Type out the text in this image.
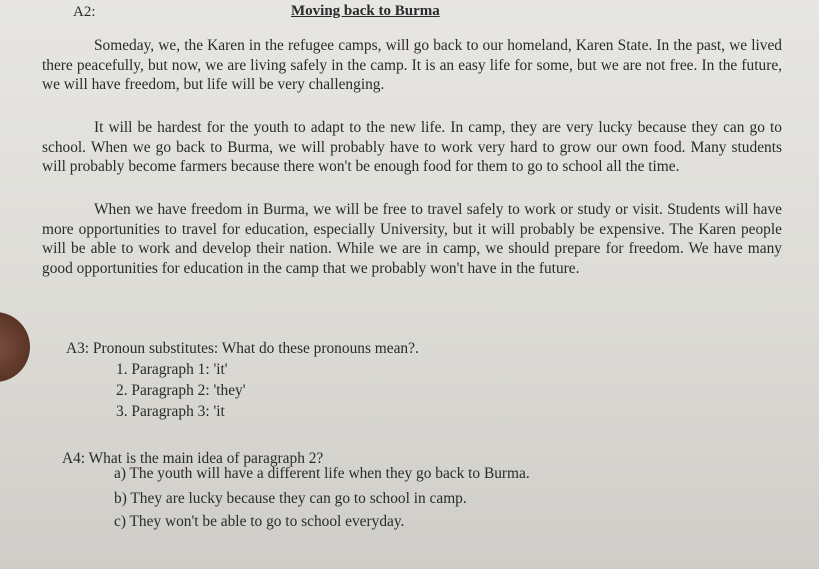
A2:	Moving back to Burma

Someday, we, the Karen in the refugee camps, will go back to our homeland, Karen State. In the past, we lived there peacefully, but now, we are living safely in the camp. It is an easy life for some, but we are not free. In the future, we will have freedom, but life will be very challenging.

It will be hardest for the youth to adapt to the new life. In camp, they are very lucky because they can go to school. When we go back to Burma, we will probably have to work very hard to grow our own food. Many students will probably become farmers because there won't be enough food for them to go to school all the time.

When we have freedom in Burma, we will be free to travel safely to work or study or visit. Students will have more opportunities to travel for education, especially University, but it will probably be expensive. The Karen people will be able to work and develop their nation. While we are in camp, we should prepare for freedom. We have many good opportunities for education in the camp that we probably won't have in the future.

A3: Pronoun substitutes: What do these pronouns mean?.
1. Paragraph 1: 'it'
2. Paragraph 2: 'they'
3. Paragraph 3: 'it
A4: What is the main idea of paragraph 2?
a) The youth will have a different life when they go back to Burma.
b) They are lucky because they can go to school in camp.
c) They won't be able to go to school everyday.
